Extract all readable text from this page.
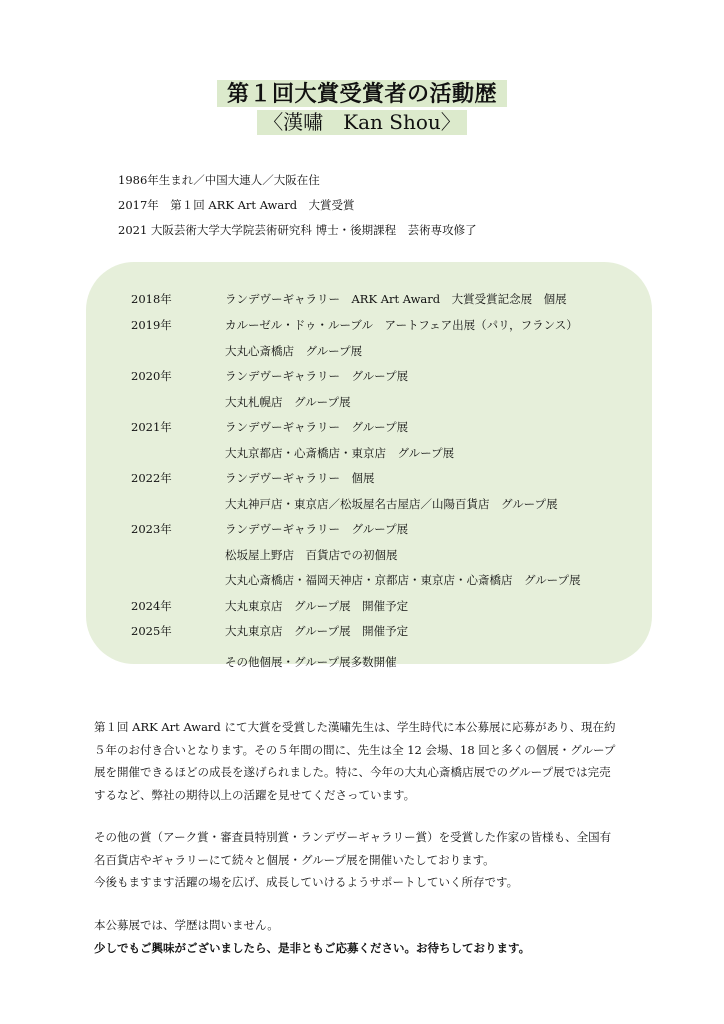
第１回大賞受賞者の活動歴
〈漢嘯　Kan Shou〉
1986年生まれ／中国大連人／大阪在住
2017年　第１回 ARK Art Award　大賞受賞
2021 大阪芸術大学大学院芸術研究科 博士・後期課程　芸術専攻修了
2018年	ランデヴーギャラリー　ARK Art Award　大賞受賞記念展　個展
2019年	カルーゼル・ドゥ・ルーブル　アートフェア出展（パリ，フランス）
大丸心斎橋店　グループ展
2020年	ランデヴーギャラリー　グループ展
大丸札幌店　グループ展
2021年	ランデヴーギャラリー　グループ展
大丸京都店・心斎橋店・東京店　グループ展
2022年	ランデヴーギャラリー　個展
大丸神戸店・東京店／松坂屋名古屋店／山陽百貨店　グループ展
2023年	ランデヴーギャラリー　グループ展
松坂屋上野店　百貨店での初個展
大丸心斎橋店・福岡天神店・京都店・東京店・心斎橋店　グループ展
2024年	大丸東京店　グループ展　開催予定
2025年	大丸東京店　グループ展　開催予定
その他個展・グループ展多数開催
第１回 ARK Art Award にて大賞を受賞した漢嘯先生は、学生時代に本公募展に応募があり、現在約
５年のお付き合いとなります。その５年間の間に、先生は全 12 会場、18 回と多くの個展・グループ
展を開催できるほどの成長を遂げられました。特に、今年の大丸心斎橋店展でのグループ展では完売
するなど、弊社の期待以上の活躍を見せてくださっています。
その他の賞（アーク賞・審査員特別賞・ランデヴーギャラリー賞）を受賞した作家の皆様も、全国有
名百貨店やギャラリーにて続々と個展・グループ展を開催いたしております。
今後もますます活躍の場を広げ、成長していけるようサポートしていく所存です。
本公募展では、学歴は問いません。
少しでもご興味がございましたら、是非ともご応募ください。お待ちしております。
